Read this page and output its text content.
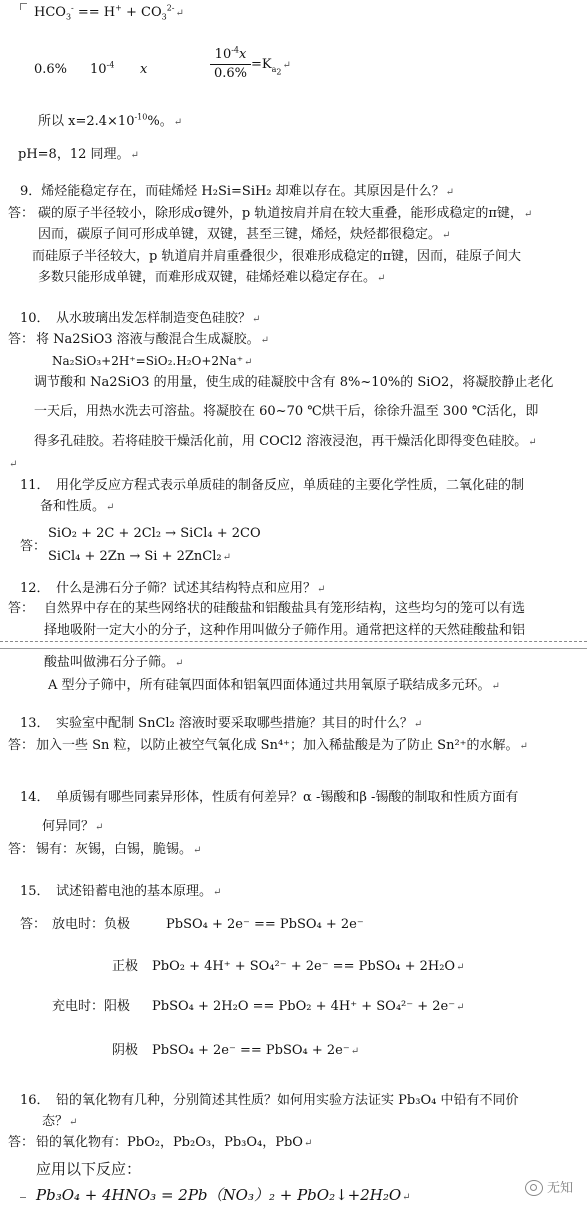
$HCO_3^- == H^+$ + $CO_3^{2-}↵$
0.6% $10^{-4}$ x	$\frac{10^{-4}x}{0.6\%}$ $=K_{a_2}↵$
所以 $x=2.4\times 10^{-10}\%$。↵
pH=8，12 同理。↵
9．烯烃能稳定存在，而硅烯烃 H₂Si=SiH₂ 却难以存在。其原因是什么？↵
答： 碳的原子半径较小，除形成σ键外，p 轨道按肩并肩在较大重叠，能形成稳定的π键，↵
因而，碳原子间可形成单键，双键，甚至三键，烯烃，炔烃都很稳定。↵
而硅原子半径较大，p 轨道肩并肩重叠很少，很难形成稳定的π键，因而，硅原子间大
多数只能形成单键，而难形成双键，硅烯烃难以稳定存在。↵
10．　从水玻璃出发怎样制造变色硅胶？↵
答： 将 Na2SiO3 溶液与酸混合生成凝胶。↵
Na₂SiO₃+2H⁺=SiO₂.H₂O+2Na⁺↵
调节酸和 Na2SiO3 的用量，使生成的硅凝胶中含有 8%~10%的 SiO2，将凝胶静止老化
一天后，用热水洗去可溶盐。将凝胶在 60~70 ℃烘干后，徐徐升温至 300 ℃活化，即
得多孔硅胶。若将硅胶干燥活化前，用 COCl2 溶液浸泡，再干燥活化即得变色硅胶。↵
↵
11．　用化学反应方程式表示单质硅的制备反应，单质硅的主要化学性质，二氧化硅的制
备和性质。↵
答：
SiO₂ + 2C + 2Cl₂ → SiCl₄ + 2CO
SiCl₄ + 2Zn → Si + 2ZnCl₂↵
12．　什么是沸石分子筛？试述其结构特点和应用？↵
答： 自然界中存在的某些网络状的硅酸盐和铝酸盐具有笼形结构，这些均匀的笼可以有选
择地吸附一定大小的分子，这种作用叫做分子筛作用。通常把这样的天然硅酸盐和铝
酸盐叫做沸石分子筛。↵
A 型分子筛中，所有硅氧四面体和铝氧四面体通过共用氧原子联结成多元环。↵
13．　实验室中配制 SnCl₂ 溶液时要采取哪些措施？其目的时什么？↵
答： 加入一些 Sn 粒，以防止被空气氧化成 Sn⁴⁺；加入稀盐酸是为了防止 Sn²⁺的水解。↵
14．　单质锡有哪些同素异形体，性质有何差异？α -锡酸和β -锡酸的制取和性质方面有
何异同？↵
答： 锡有：灰锡，白锡，脆锡。↵
15．　试述铅蓄电池的基本原理。↵
答： 放电时：负极	PbSO₄ + 2e⁻ == PbSO₄ + 2e⁻
正极 PbO₂ + 4H⁺ + SO₄²⁻ + 2e⁻ == PbSO₄ + 2H₂O↵
充电时：阳极 PbSO₄ + 2H₂O == PbO₂ + 4H⁺ + SO₄²⁻ + 2e⁻↵
阴极 PbSO₄ + 2e⁻ == PbSO₄ + 2e⁻↵
16．　铅的氧化物有几种，分别简述其性质？如何用实验方法证实 Pb₃O₄ 中铅有不同价
态？↵
答： 铅的氧化物有：PbO₂，Pb₂O₃，Pb₃O₄，PbO↵
应用以下反应：
Pb₃O₄ + 4HNO₃ = 2Pb（NO₃）₂ + PbO₂↓+2H₂O↵
无知
